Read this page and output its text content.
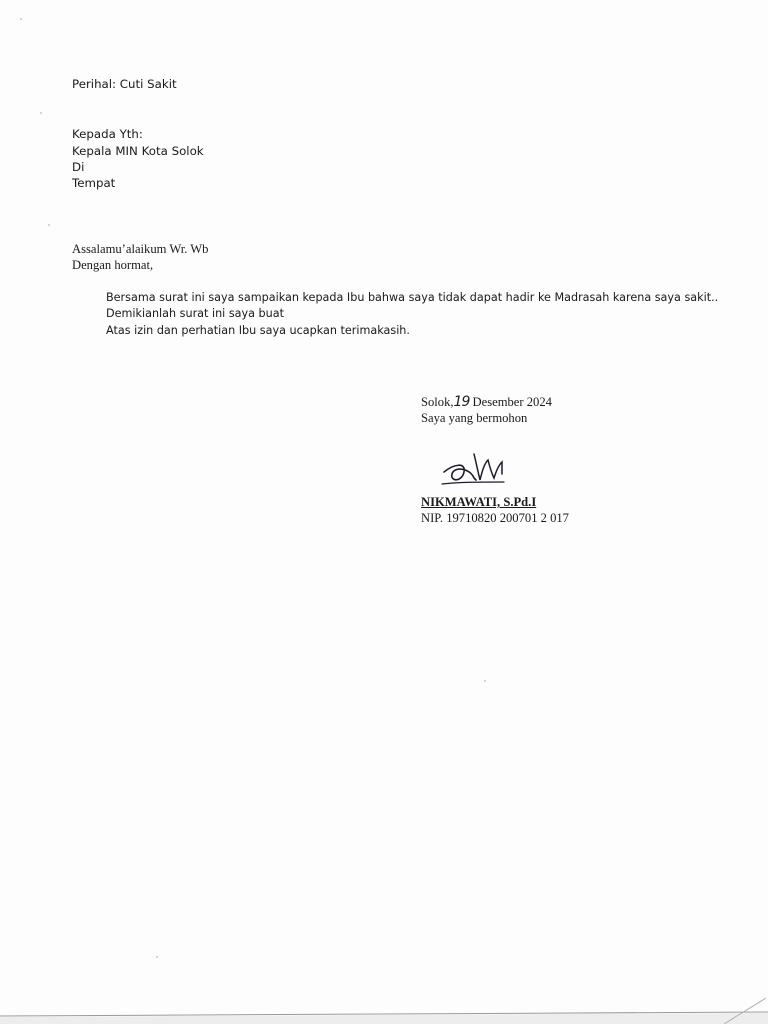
Perihal: Cuti Sakit

Kepada Yth:

Kepala MIN Kota Solok

Di

Tempat

Assalamu’alaikum Wr. Wb

Dengan hormat,

Bersama surat ini saya sampaikan kepada Ibu bahwa saya tidak dapat hadir ke Madrasah karena saya sakit..

Demikianlah surat ini saya buat

Atas izin dan perhatian Ibu saya ucapkan terimakasih.

Solok,19 Desember 2024

Saya yang bermohon

NIKMAWATI, S.Pd.I

NIP. 19710820 200701 2 017
